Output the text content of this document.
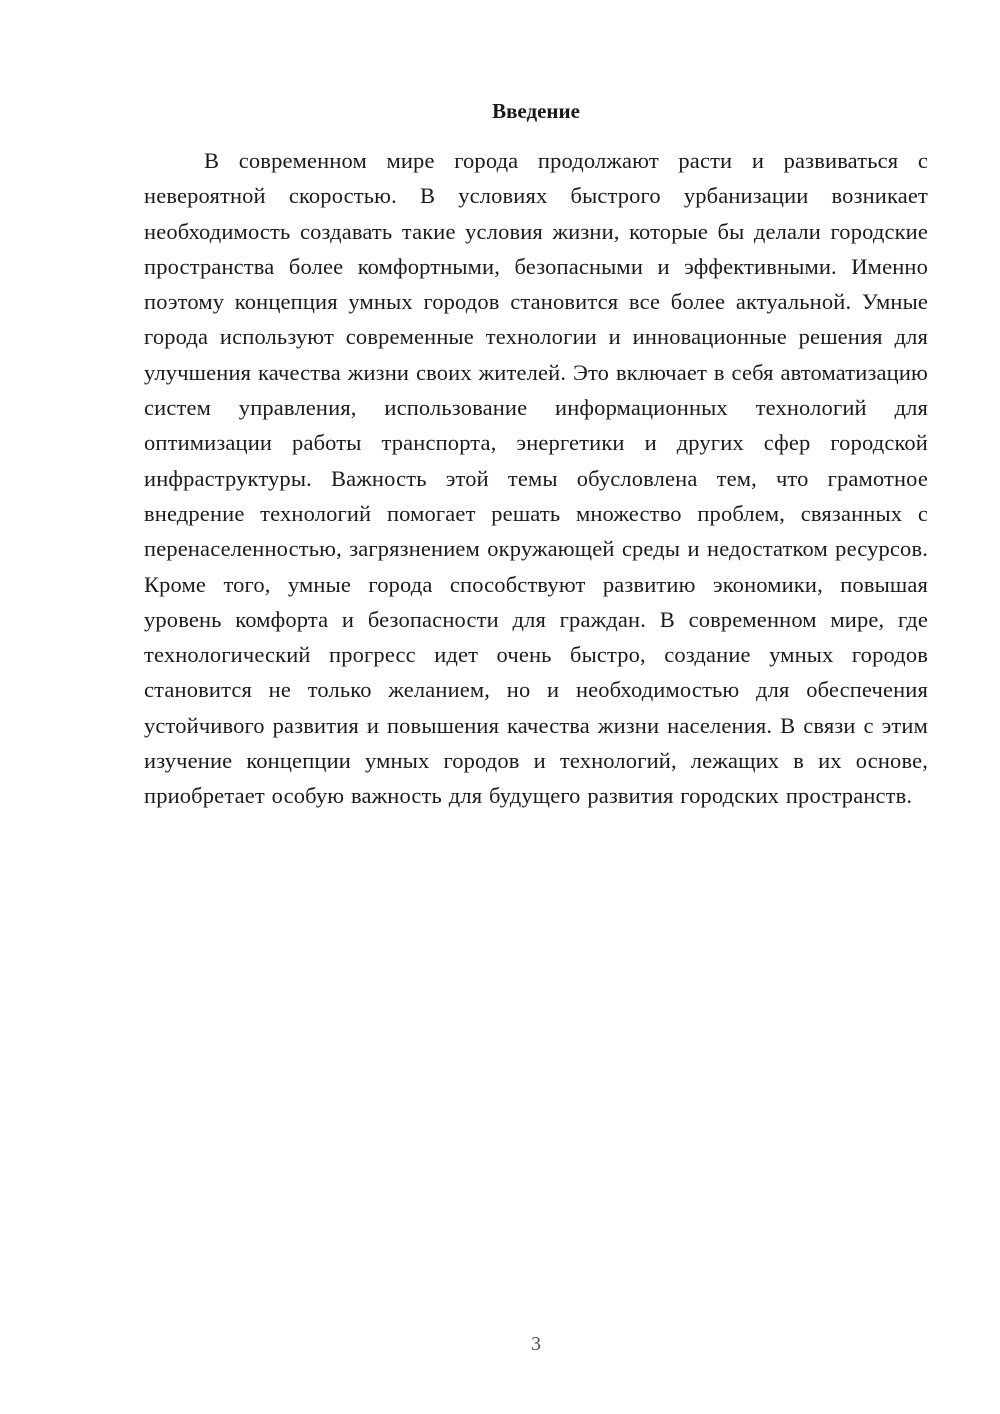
Введение

В современном мире города продолжают расти и развиваться с невероятной скоростью. В условиях быстрого урбанизации возникает необходимость создавать такие условия жизни, которые бы делали городские пространства более комфортными, безопасными и эффективными. Именно поэтому концепция умных городов становится все более актуальной. Умные города используют современные технологии и инновационные решения для улучшения качества жизни своих жителей. Это включает в себя автоматизацию систем управления, использование информационных технологий для оптимизации работы транспорта, энергетики и других сфер городской инфраструктуры. Важность этой темы обусловлена тем, что грамотное внедрение технологий помогает решать множество проблем, связанных с перенаселенностью, загрязнением окружающей среды и недостатком ресурсов. Кроме того, умные города способствуют развитию экономики, повышая уровень комфорта и безопасности для граждан. В современном мире, где технологический прогресс идет очень быстро, создание умных городов становится не только желанием, но и необходимостью для обеспечения устойчивого развития и повышения качества жизни населения. В связи с этим изучение концепции умных городов и технологий, лежащих в их основе, приобретает особую важность для будущего развития городских пространств.

3
